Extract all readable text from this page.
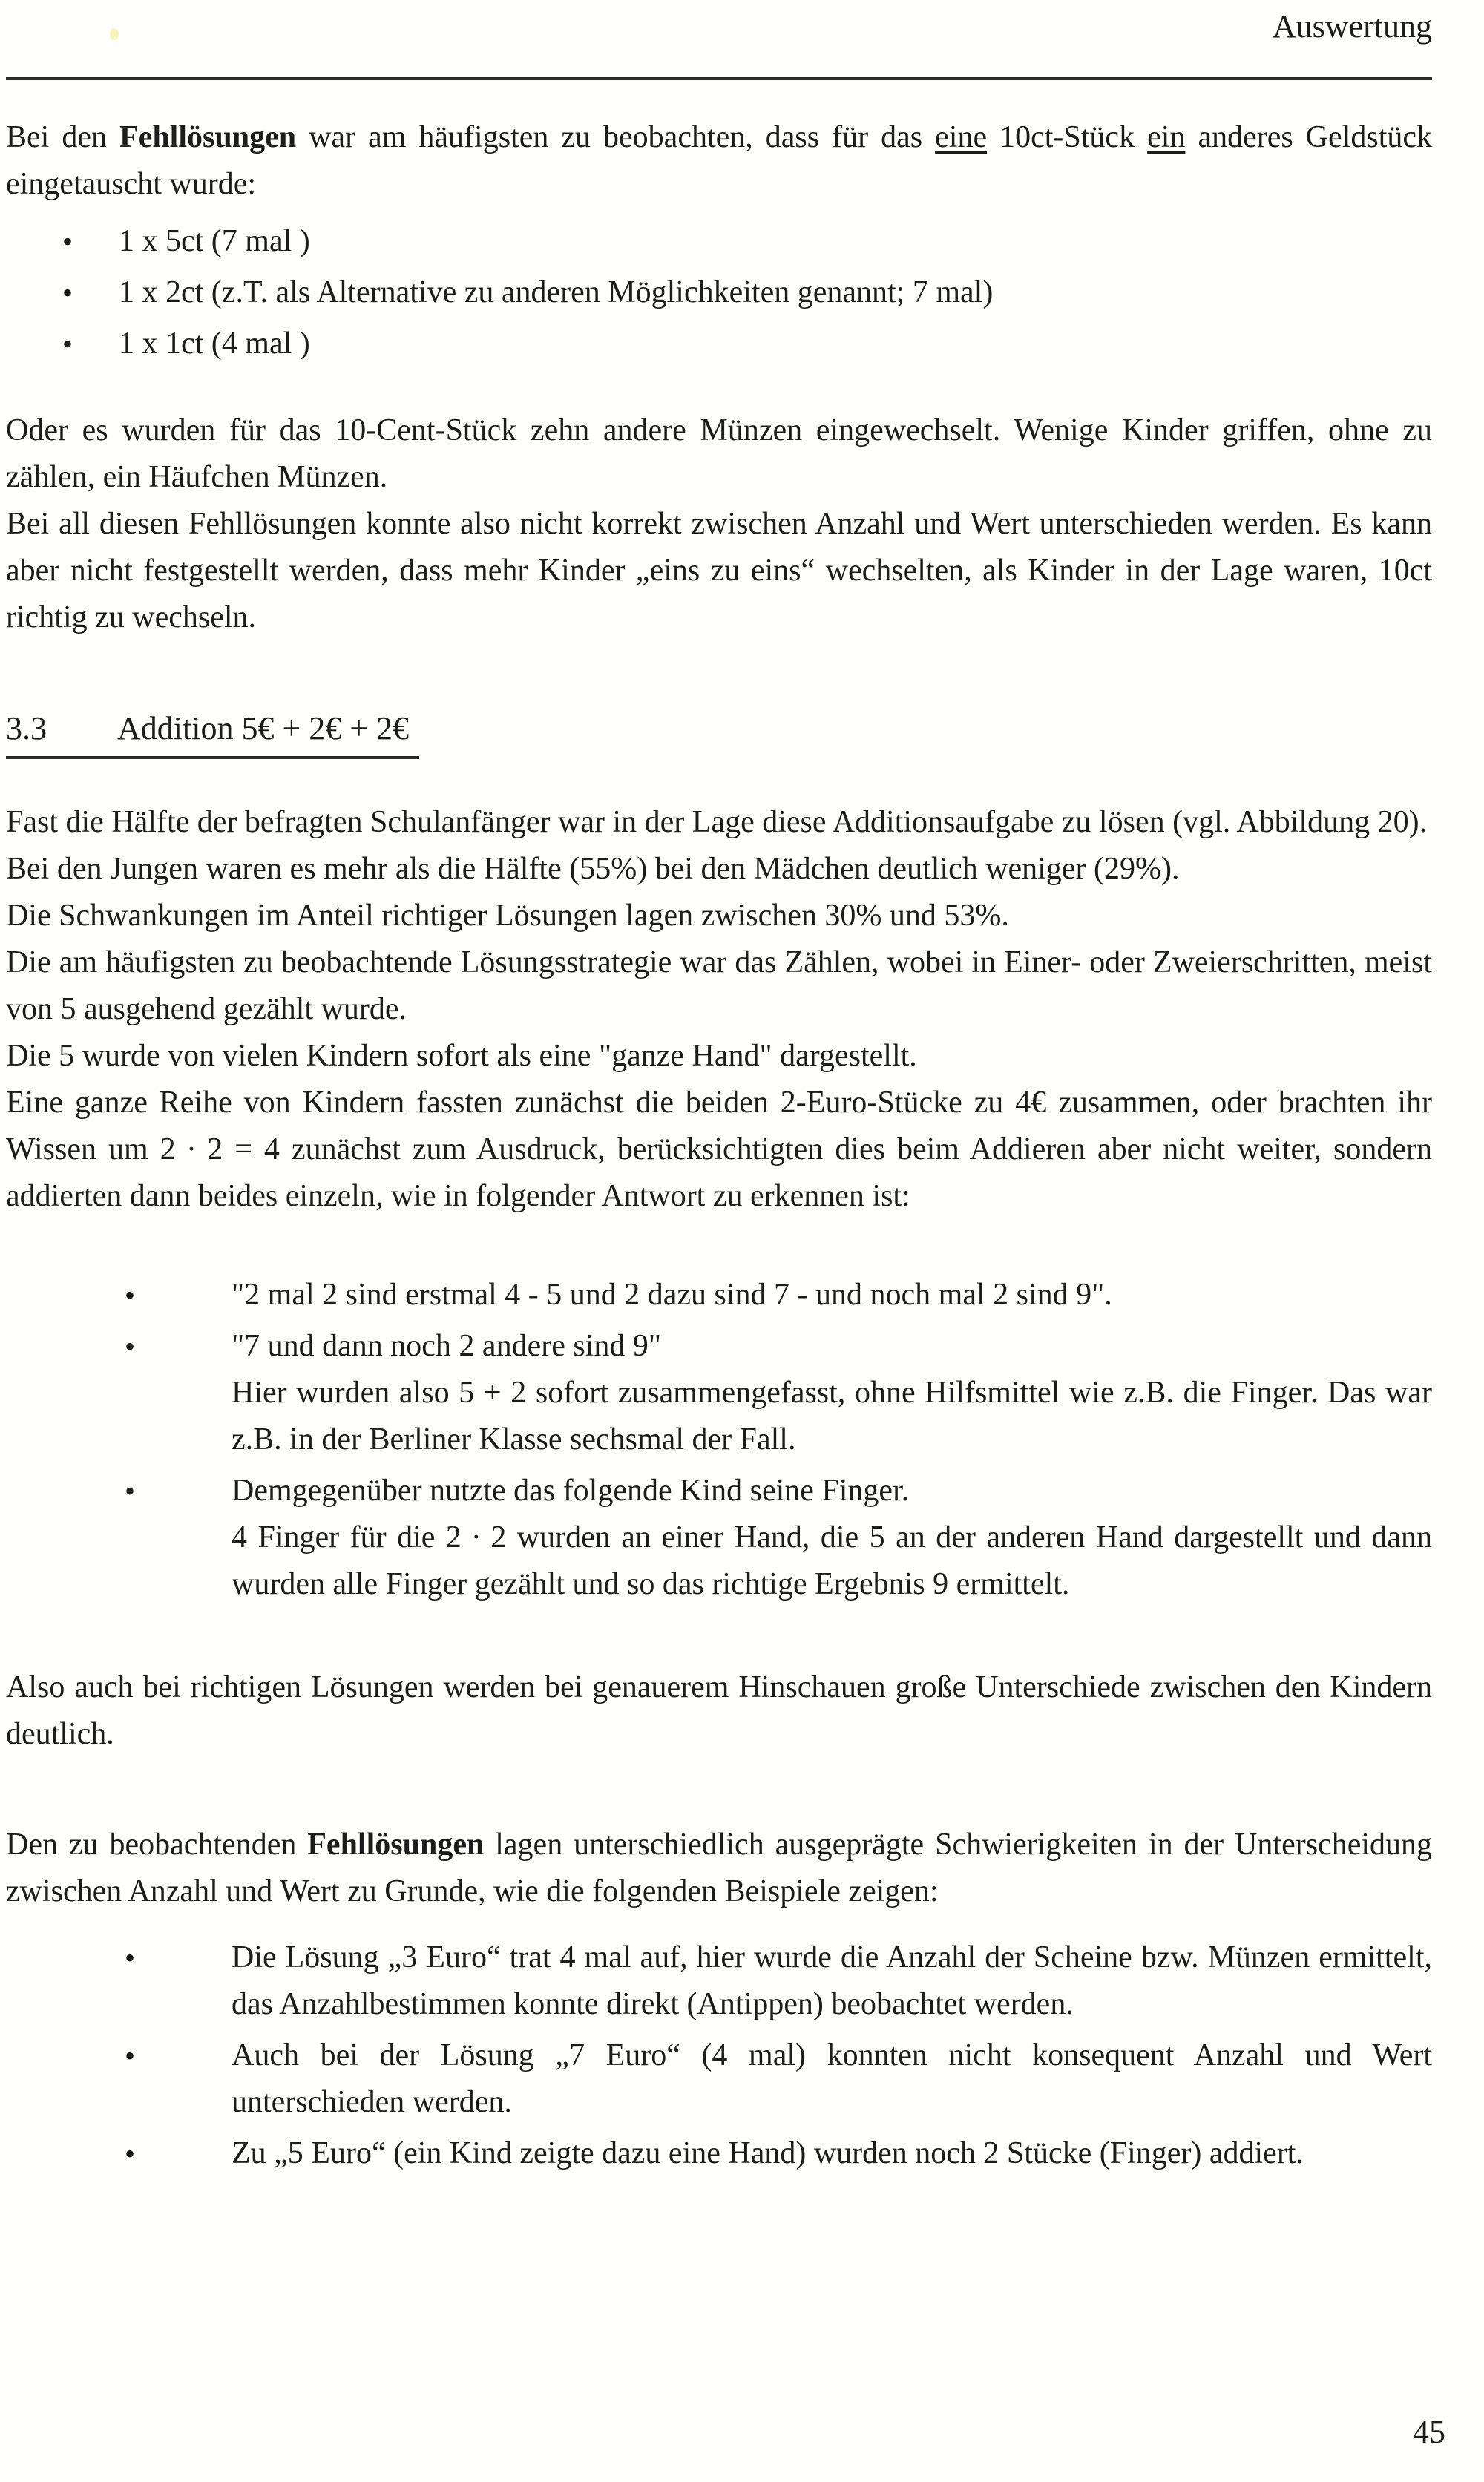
Auswertung

Bei den Fehllösungen war am häufigsten zu beobachten, dass für das eine 10ct-Stück ein anderes Geldstück eingetauscht wurde:

• 1 x 5ct (7 mal )
• 1 x 2ct (z.T. als Alternative zu anderen Möglichkeiten genannt; 7 mal)
• 1 x 1ct (4 mal )

Oder es wurden für das 10-Cent-Stück zehn andere Münzen eingewechselt. Wenige Kinder griffen, ohne zu zählen, ein Häufchen Münzen.

Bei all diesen Fehllösungen konnte also nicht korrekt zwischen Anzahl und Wert unterschieden werden. Es kann aber nicht festgestellt werden, dass mehr Kinder „eins zu eins“ wechselten, als Kinder in der Lage waren, 10ct richtig zu wechseln.

3.3 Addition 5€ + 2€ + 2€

Fast die Hälfte der befragten Schulanfänger war in der Lage diese Additionsaufgabe zu lösen (vgl. Abbildung 20).

Bei den Jungen waren es mehr als die Hälfte (55%) bei den Mädchen deutlich weniger (29%).

Die Schwankungen im Anteil richtiger Lösungen lagen zwischen 30% und 53%.

Die am häufigsten zu beobachtende Lösungsstrategie war das Zählen, wobei in Einer- oder Zweierschritten, meist von 5 ausgehend gezählt wurde.

Die 5 wurde von vielen Kindern sofort als eine "ganze Hand" dargestellt.

Eine ganze Reihe von Kindern fassten zunächst die beiden 2-Euro-Stücke zu 4€ zusammen, oder brachten ihr Wissen um 2 ∙ 2 = 4 zunächst zum Ausdruck, berücksichtigten dies beim Addieren aber nicht weiter, sondern addierten dann beides einzeln, wie in folgender Antwort zu erkennen ist:

•	"2 mal 2 sind erstmal 4 - 5 und 2 dazu sind 7 - und noch mal 2 sind 9".

•	"7 und dann noch 2 andere sind 9"

Hier wurden also 5 + 2 sofort zusammengefasst, ohne Hilfsmittel wie z.B. die Finger. Das war z.B. in der Berliner Klasse sechsmal der Fall.

•	Demgegenüber nutzte das folgende Kind seine Finger.

4 Finger für die 2 ∙ 2 wurden an einer Hand, die 5 an der anderen Hand dargestellt und dann wurden alle Finger gezählt und so das richtige Ergebnis 9 ermittelt.

Also auch bei richtigen Lösungen werden bei genauerem Hinschauen große Unterschiede zwischen den Kindern deutlich.

Den zu beobachtenden Fehllösungen lagen unterschiedlich ausgeprägte Schwierigkeiten in der Unterscheidung zwischen Anzahl und Wert zu Grunde, wie die folgenden Beispiele zeigen:

•	Die Lösung „3 Euro“ trat 4 mal auf, hier wurde die Anzahl der Scheine bzw. Münzen ermittelt, das Anzahlbestimmen konnte direkt (Antippen) beobachtet werden.
•	Auch bei der Lösung „7 Euro“ (4 mal) konnten nicht konsequent Anzahl und Wert unterschieden werden.
•	Zu „5 Euro“ (ein Kind zeigte dazu eine Hand) wurden noch 2 Stücke (Finger) addiert.
45
